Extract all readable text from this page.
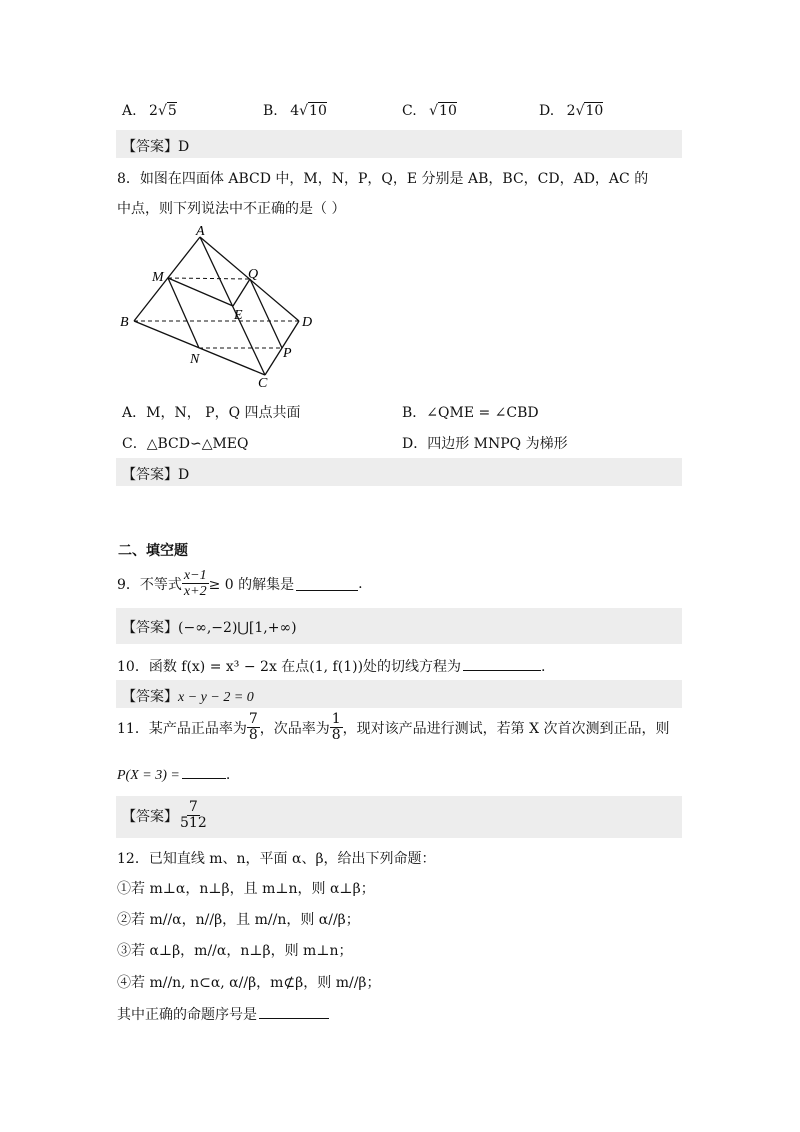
A. 2√5	B. 4√10	C. √10	D. 2√10
【答案】D
8．如图在四面体 ABCD 中，M，N，P，Q，E 分别是 AB，BC，CD，AD，AC 的
中点，则下列说法中不正确的是（ ）
A
B
C
D
M
N	P
Q
E
A．M，N， P，Q 四点共面	B．∠QME = ∠CBD
C．△BCD∽△MEQ	D．四边形 MNPQ 为梯形
【答案】D
二、填空题
9．不等式 $\frac{x-1}{x+2} \ge 0$ 的解集是	.
【答案】(−∞,−2)⋃[1,+∞)
10．函数 f(x) = x³ − 2x 在点(1, f(1))处的切线方程为	.
【答案】x − y − 2 = 0
11．某产品正品率为 $\frac{7}{8}$ ，次品率为 $\frac{1}{8}$ ，现对该产品进行测试，若第 X 次首次测到正品，则
P(X = 3) =	.
【答案】 $\frac{7}{512}$
12．已知直线 m、n，平面 α、β，给出下列命题：
①若 m⊥α，n⊥β，且 m⊥n，则 α⊥β；
②若 m//α，n//β，且 m//n，则 α//β；
③若 α⊥β，m//α，n⊥β，则 m⊥n；
④若 m//n, n⊂α, α//β，m⊄β，则 m//β；
其中正确的命题序号是
